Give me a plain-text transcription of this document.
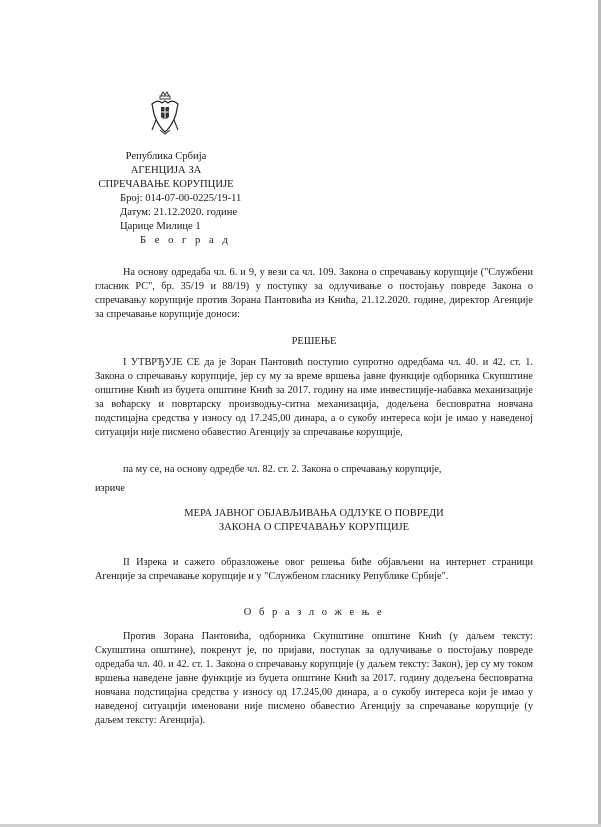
Република Србија
АГЕНЦИЈА ЗА
СПРЕЧАВАЊЕ КОРУПЦИЈЕ
Број: 014-07-00-0225/19-11
Датум: 21.12.2020. године
Царице Милице 1
Б е о г р а д

На основу одредаба чл. 6. и 9, у вези са чл. 109. Закона о спречавању корупције ("Службени гласник РС", бр. 35/19 и 88/19) у поступку за одлучивање о постојању повреде Закона о спречавању корупције против Зорана Пантовића из Кнића, 21.12.2020. године, директор Агенције за спречавање корупције доноси:

РЕШЕЊЕ

I УТВРЂУЈЕ СЕ да је Зоран Пантовић поступио супротно одредбама чл. 40. и 42. ст. 1. Закона о спречавању корупције, јер су му за време вршења јавне функције одборника Скупштине општине Кнић из буџета општине Кнић за 2017. годину на име инвестиције-набавка механизације за воћарску и повртарску производњу-ситна механизација, додељена бесповратна новчана подстицајна средства у износу од 17.245,00 динара, а о сукобу интереса који је имао у наведеној ситуацији није писмено обавестио Агенцију за спречавање корупције,

па му се, на основу одредбе чл. 82. ст. 2. Закона о спречавању корупције,
изриче
МЕРА ЈАВНОГ ОБЈАВЉИВАЊА ОДЛУКЕ О ПОВРЕДИ
ЗАКОНА О СПРЕЧАВАЊУ КОРУПЦИЈЕ

II Изрека и сажето образложење овог решења биће објављени на интернет страници Агенције за спречавање корупције и у "Службеном гласнику Републике Србије".

О б р а з л о ж е њ е

Против Зорана Пантовића, одборника Скупштине општине Кнић (у даљем тексту: Скупштина општине), покренут је, по пријави, поступак за одлучивање о постојању повреде одредаба чл. 40. и 42. ст. 1. Закона о спречавању корупције (у даљем тексту: Закон), јер су му током вршења наведене јавне функције из буџета општине Кнић за 2017. годину додељена бесповратна новчана подстицајна средства у износу од 17.245,00 динара, а о сукобу интереса који је имао у наведеној ситуацији именовани није писмено обавестио Агенцију за спречавање корупције (у даљем тексту: Агенција).
